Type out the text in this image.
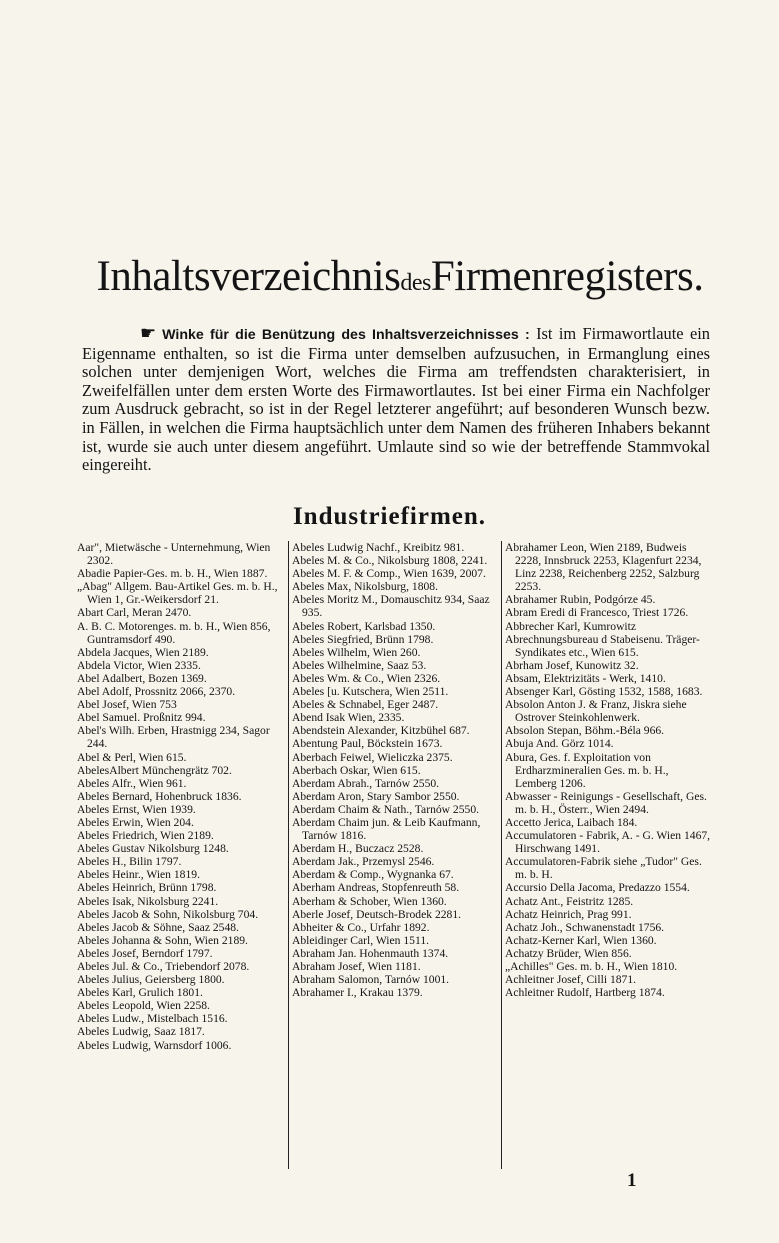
InhaltsverzeichnisdesFirmenregisters.
☛ Winke für die Benützung des Inhaltsverzeichnisses : Ist im Firmawortlaute ein Eigenname enthalten, so ist die Firma unter demselben aufzusuchen, in Ermanglung eines solchen unter demjenigen Wort, welches die Firma am treffendsten charakterisiert, in Zweifelfällen unter dem ersten Worte des Firmawortlautes. Ist bei einer Firma ein Nachfolger zum Ausdruck gebracht, so ist in der Regel letzterer angeführt; auf besonderen Wunsch bezw. in Fällen, in welchen die Firma hauptsächlich unter dem Namen des früheren Inhabers bekannt ist, wurde sie auch unter diesem angeführt. Umlaute sind so wie der betreffende Stammvokal eingereiht.
Industriefirmen.

Aar", Mietwäsche - Unternehmung, Wien 2302.

Abadie Papier-Ges. m. b. H., Wien 1887.

„Abag" Allgem. Bau-Artikel Ges. m. b. H., Wien 1, Gr.-Weikersdorf 21.

Abart Carl, Meran 2470.

A. B. C. Motorenges. m. b. H., Wien 856, Guntramsdorf 490.

Abdela Jacques, Wien 2189.

Abdela Victor, Wien 2335.

Abel Adalbert, Bozen 1369.

Abel Adolf, Prossnitz 2066, 2370.

Abel Josef, Wien 753

Abel Samuel. Proßnitz 994.

Abel's Wilh. Erben, Hrastnigg 234, Sagor 244.

Abel & Perl, Wien 615.

AbelesAlbert Münchengrätz 702.

Abeles Alfr., Wien 961.

Abeles Bernard, Hohenbruck 1836.

Abeles Ernst, Wien 1939.

Abeles Erwin, Wien 204.

Abeles Friedrich, Wien 2189.

Abeles Gustav Nikolsburg 1248.

Abeles H., Bilin 1797.

Abeles Heinr., Wien 1819.

Abeles Heinrich, Brünn 1798.

Abeles Isak, Nikolsburg 2241.

Abeles Jacob & Sohn, Nikolsburg 704.

Abeles Jacob & Söhne, Saaz 2548.

Abeles Johanna & Sohn, Wien 2189.

Abeles Josef, Berndorf 1797.

Abeles Jul. & Co., Triebendorf 2078.

Abeles Julius, Geiersberg 1800.

Abeles Karl, Grulich 1801.

Abeles Leopold, Wien 2258.

Abeles Ludw., Mistelbach 1516.

Abeles Ludwig, Saaz 1817.

Abeles Ludwig, Warnsdorf 1006.

Abeles Ludwig Nachf., Kreibitz 981.

Abeles M. & Co., Nikolsburg 1808, 2241.

Abeles M. F. & Comp., Wien 1639, 2007.

Abeles Max, Nikolsburg, 1808.

Abeles Moritz M., Domauschitz 934, Saaz 935.

Abeles Robert, Karlsbad 1350.

Abeles Siegfried, Brünn 1798.

Abeles Wilhelm, Wien 260.

Abeles Wilhelmine, Saaz 53.

Abeles Wm. & Co., Wien 2326.

Abeles [u. Kutschera, Wien 2511.

Abeles & Schnabel, Eger 2487.

Abend Isak Wien, 2335.

Abendstein Alexander, Kitzbühel 687.

Abentung Paul, Böckstein 1673.

Aberbach Feiwel, Wieliczka 2375.

Aberbach Oskar, Wien 615.

Aberdam Abrah., Tarnów 2550.

Aberdam Aron, Stary Sambor 2550.

Aberdam Chaim & Nath., Tarnów 2550.

Aberdam Chaim jun. & Leib Kaufmann, Tarnów 1816.

Aberdam H., Buczacz 2528.

Aberdam Jak., Przemysl 2546.

Aberdam & Comp., Wygnanka 67.

Aberham Andreas, Stopfenreuth 58.

Aberham & Schober, Wien 1360.

Aberle Josef, Deutsch-Brodek 2281.

Abheiter & Co., Urfahr 1892.

Ableidinger Carl, Wien 1511.

Abraham Jan. Hohenmauth 1374.

Abraham Josef, Wien 1181.

Abraham Salomon, Tarnów 1001.

Abrahamer I., Krakau 1379.

Abrahamer Leon, Wien 2189, Budweis 2228, Innsbruck 2253, Klagenfurt 2234, Linz 2238, Reichenberg 2252, Salzburg 2253.

Abrahamer Rubin, Podgórze 45.

Abram Eredi di Francesco, Triest 1726.

Abbrecher Karl, Kumrowitz

Abrechnungsbureau d Stabeisenu. Träger-Syndikates etc., Wien 615.

Abrham Josef, Kunowitz 32.

Absam, Elektrizitäts - Werk, 1410.

Absenger Karl, Gösting 1532, 1588, 1683.

Absolon Anton J. & Franz, Jiskra siehe Ostrover Steinkohlenwerk.

Absolon Stepan, Böhm.-Béla 966.

Abuja And. Görz 1014.

Abura, Ges. f. Exploitation von Erdharzmineralien Ges. m. b. H., Lemberg 1206.

Abwasser - Reinigungs - Gesellschaft, Ges. m. b. H., Österr., Wien 2494.

Accetto Jerica, Laibach 184.

Accumulatoren - Fabrik, A. - G. Wien 1467, Hirschwang 1491.

Accumulatoren-Fabrik siehe „Tudor" Ges. m. b. H.

Accursio Della Jacoma, Predazzo 1554.

Achatz Ant., Feistritz 1285.

Achatz Heinrich, Prag 991.

Achatz Joh., Schwanenstadt 1756.

Achatz-Kerner Karl, Wien 1360.

Achatzy Brüder, Wien 856.

„Achilles" Ges. m. b. H., Wien 1810.

Achleitner Josef, Cilli 1871.

Achleitner Rudolf, Hartberg 1874.

1
